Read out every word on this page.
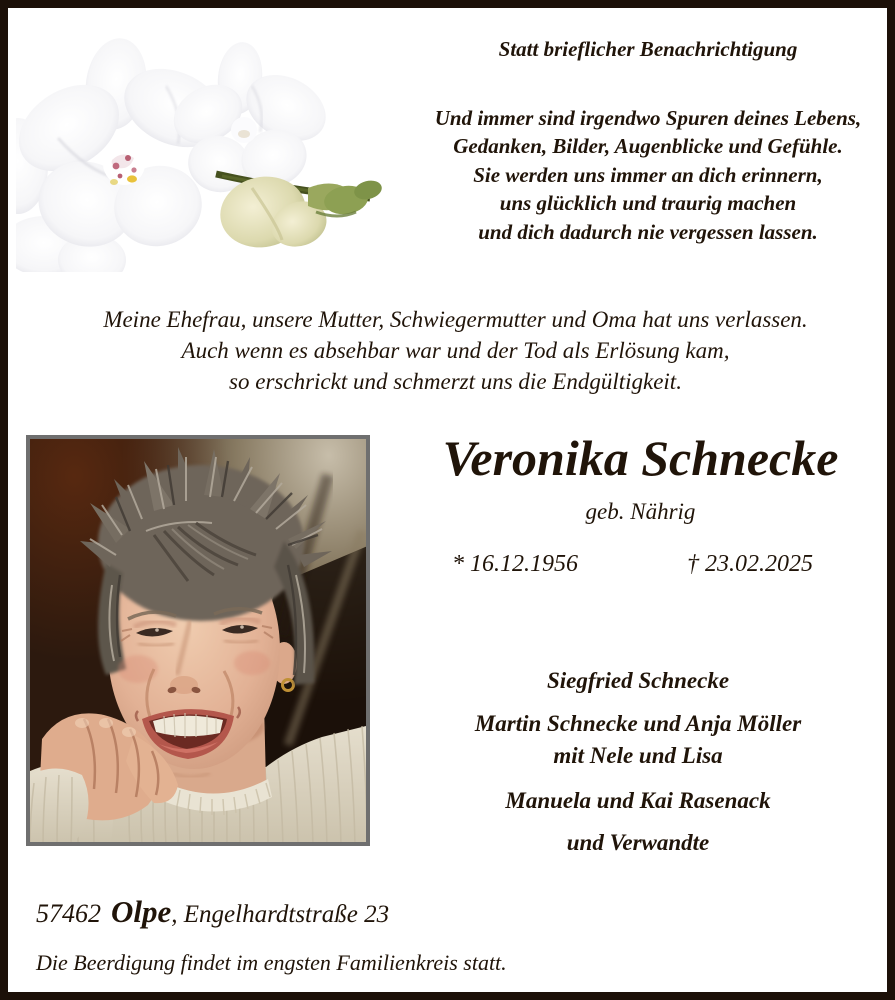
Statt brieflicher Benachrichtigung
Und immer sind irgendwo Spuren deines Lebens,
Gedanken, Bilder, Augenblicke und Gefühle.
Sie werden uns immer an dich erinnern,
uns glücklich und traurig machen
und dich dadurch nie vergessen lassen.
Meine Ehefrau, unsere Mutter, Schwiegermutter und Oma hat uns verlassen.
Auch wenn es absehbar war und der Tod als Erlösung kam,
so erschrickt und schmerzt uns die Endgültigkeit.
Veronika Schnecke
geb. Nährig
* 16.12.1956	† 23.02.2025
Siegfried Schnecke
Martin Schnecke und Anja Möller
mit Nele und Lisa
Manuela und Kai Rasenack
und Verwandte
57462 Olpe, Engelhardtstraße 23
Die Beerdigung findet im engsten Familienkreis statt.
